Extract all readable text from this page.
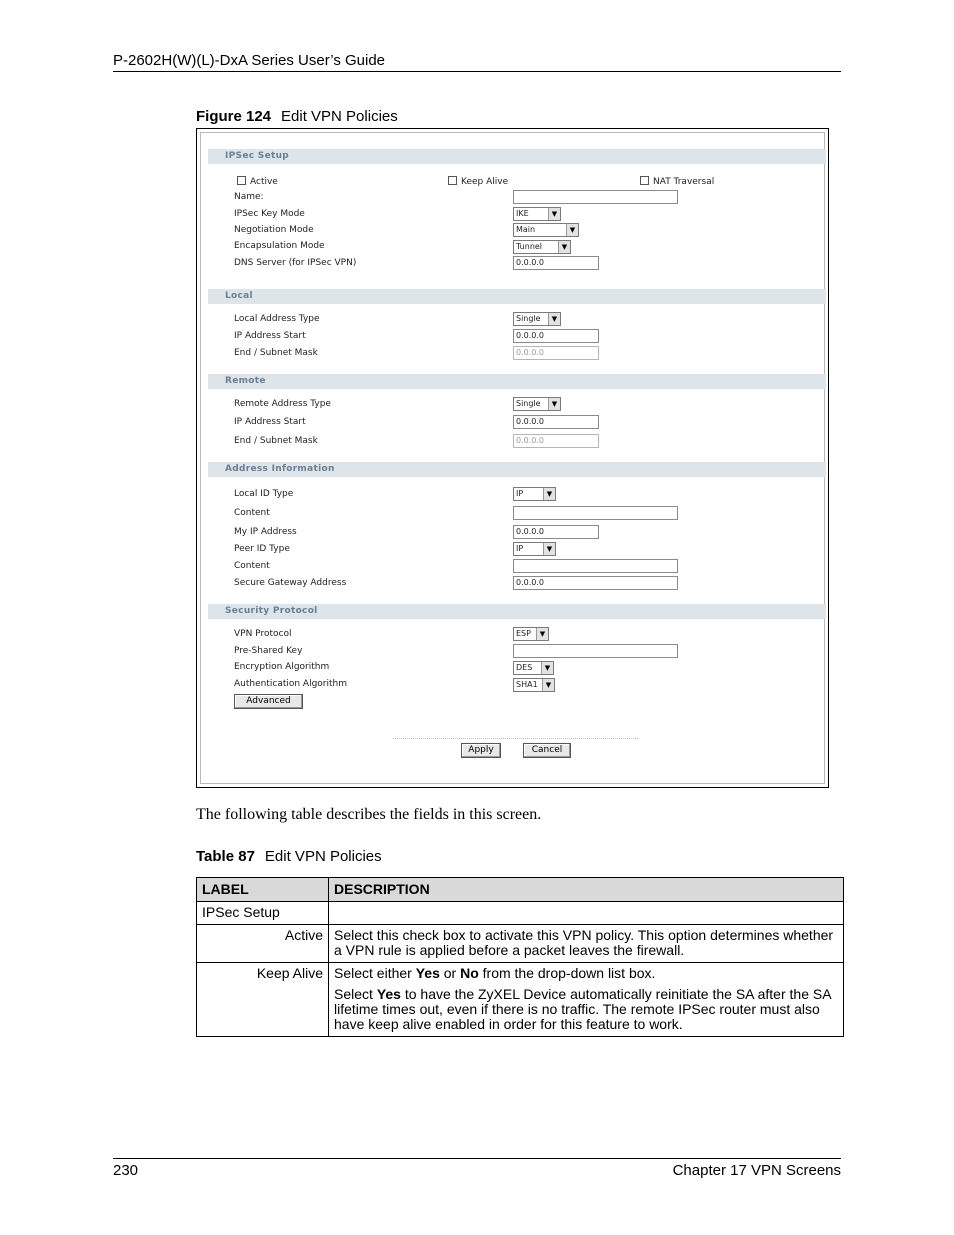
P-2602H(W)(L)-DxA Series User’s Guide
Figure 124 Edit VPN Policies
IPSec Setup
Active	Keep Alive	NAT Traversal
Name:
IPSec Key Mode	IKE	▼
Negotiation Mode	Main	▼
Encapsulation Mode	Tunnel	▼
DNS Server (for IPSec VPN)	0.0.0.0
Local
Local Address Type	Single	▼
IP Address Start	0.0.0.0
End / Subnet Mask	0.0.0.0
Remote
Remote Address Type	Single	▼
IP Address Start	0.0.0.0
End / Subnet Mask	0.0.0.0
Address Information
Local ID Type	IP	▼
Content
My IP Address	0.0.0.0
Peer ID Type	IP	▼
Content
Secure Gateway Address	0.0.0.0
Security Protocol
VPN Protocol	ESP	▼
Pre-Shared Key
Encryption Algorithm	DES	▼
Authentication Algorithm	SHA1	▼
Advanced
Apply	Cancel
The following table describes the fields in this screen.
Table 87 Edit VPN Policies
LABEL	DESCRIPTION
IPSec Setup	
Active	Select this check box to activate this VPN policy. This option determines whether a VPN rule is applied before a packet leaves the firewall.
Keep Alive	Select either Yes or No from the drop-down list box.

Select Yes to have the ZyXEL Device automatically reinitiate the SA after the SA lifetime times out, even if there is no traffic. The remote IPSec router must also have keep alive enabled in order for this feature to work.

230	Chapter 17 VPN Screens
